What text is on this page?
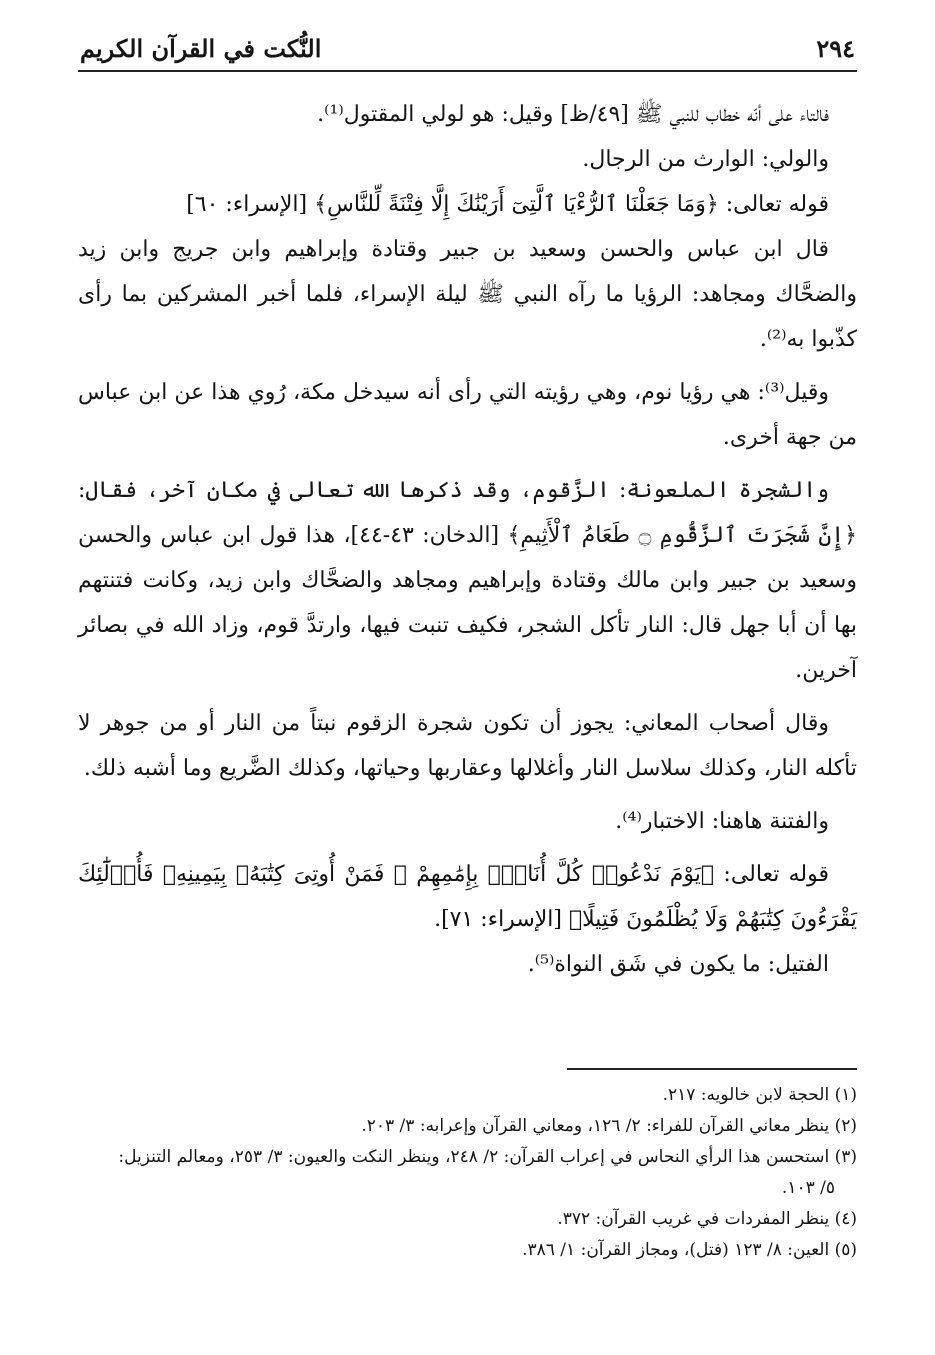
٢٩٤
النُّكت في القرآن الكريم

فالتاء على أنّه خطاب للنبي ﷺ [٤٩/ظ] وقيل: هو لولي المقتول⁽¹⁾.

والولي: الوارث من الرجال.

قوله تعالى: ﴿وَمَا جَعَلْنَا ٱلرُّءْيَا ٱلَّتِىٓ أَرَيْنَٰكَ إِلَّا فِتْنَةً لِّلنَّاسِ﴾ [الإسراء: ٦٠]

قال ابن عباس والحسن وسعيد بن جبير وقتادة وإبراهيم وابن جريج وابن زيد والضحَّاك ومجاهد: الرؤيا ما رآه النبي ﷺ ليلة الإسراء، فلما أخبر المشركين بما رأى كذّبوا به⁽²⁾.

وقيل⁽³⁾: هي رؤيا نوم، وهي رؤيته التي رأى أنه سيدخل مكة، رُوي هذا عن ابن عباس من جهة أخرى.

والشجرة الملعونة: الزَّقوم، وقد ذكرها الله تعالى في مكان آخر، فقال: ﴿إِنَّ شَجَرَتَ ٱلزَّقُّومِ ۝ طَعَامُ ٱلْأَثِيمِ﴾ [الدخان: ٤٣-٤٤]، هذا قول ابن عباس والحسن وسعيد بن جبير وابن مالك وقتادة وإبراهيم ومجاهد والضحَّاك وابن زيد، وكانت فتنتهم بها أن أبا جهل قال: النار تأكل الشجر، فكيف تنبت فيها، وارتدَّ قوم، وزاد الله في بصائر آخرين.

وقال أصحاب المعاني: يجوز أن تكون شجرة الزقوم نبتاً من النار أو من جوهر لا تأكله النار، وكذلك سلاسل النار وأغلالها وعقاربها وحياتها، وكذلك الضَّريع وما أشبه ذلك.

والفتنة هاهنا: الاختبار⁽⁴⁾.

قوله تعالى: ﴿يَوْمَ نَدْعُوا۟ كُلَّ أُنَاسٍۭ بِإِمَٰمِهِمْ ۖ فَمَنْ أُوتِىَ كِتَٰبَهُۥ بِيَمِينِهِۦ فَأُو۟لَٰٓئِكَ يَقْرَءُونَ كِتَٰبَهُمْ وَلَا يُظْلَمُونَ فَتِيلًا﴾ [الإسراء: ٧١].

الفتيل: ما يكون في شَق النواة⁽⁵⁾.

(١) الحجة لابن خالويه: ٢١٧.
(٢) ينظر معاني القرآن للفراء: ٢/ ١٢٦، ومعاني القرآن وإعرابه: ٣/ ٢٠٣.
(٣) استحسن هذا الرأي النحاس في إعراب القرآن: ٢/ ٢٤٨، وينظر النكت والعيون: ٣/ ٢٥٣، ومعالم التنزيل:
٥/ ١٠٣.
(٤) ينظر المفردات في غريب القرآن: ٣٧٢.
(٥) العين: ٨/ ١٢٣ (فتل)، ومجاز القرآن: ١/ ٣٨٦.
